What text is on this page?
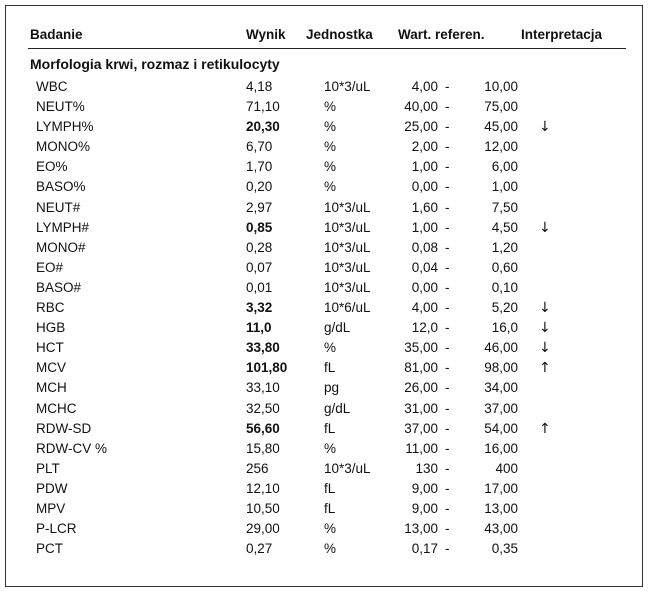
Badanie	Wynik Jednostka Wart. referen.	Interpretacja
Morfologia krwi, rozmaz i retikulocyty
WBC	4,18	10*3/uL	4,00 -	10,00
NEUT%	71,10	%	40,00 -	75,00
LYMPH%	20,30	%	25,00 -	45,00 ↓
MONO%	6,70	%	2,00 -	12,00
EO%	1,70	%	1,00 -	6,00
BASO%	0,20	%	0,00 -	1,00
NEUT#	2,97	10*3/uL	1,60 -	7,50
LYMPH#	0,85	10*3/uL	1,00 -	4,50 ↓
MONO#	0,28	10*3/uL	0,08 -	1,20
EO#	0,07	10*3/uL	0,04 -	0,60
BASO#	0,01	10*3/uL	0,00 -	0,10
RBC	3,32	10*6/uL	4,00 -	5,20 ↓
HGB	11,0	g/dL	12,0 -	16,0 ↓
HCT	33,80	%	35,00 -	46,00 ↓
MCV	101,80	fL	81,00 -	98,00 ↑
MCH	33,10	pg	26,00 -	34,00
MCHC	32,50	g/dL	31,00 -	37,00
RDW-SD	56,60	fL	37,00 -	54,00 ↑
RDW-CV %	15,80	%	11,00 -	16,00
PLT	256	10*3/uL	130 -	400
PDW	12,10	fL	9,00 -	17,00
MPV	10,50	fL	9,00 -	13,00
P-LCR	29,00	%	13,00 -	43,00
PCT	0,27	%	0,17 -	0,35
